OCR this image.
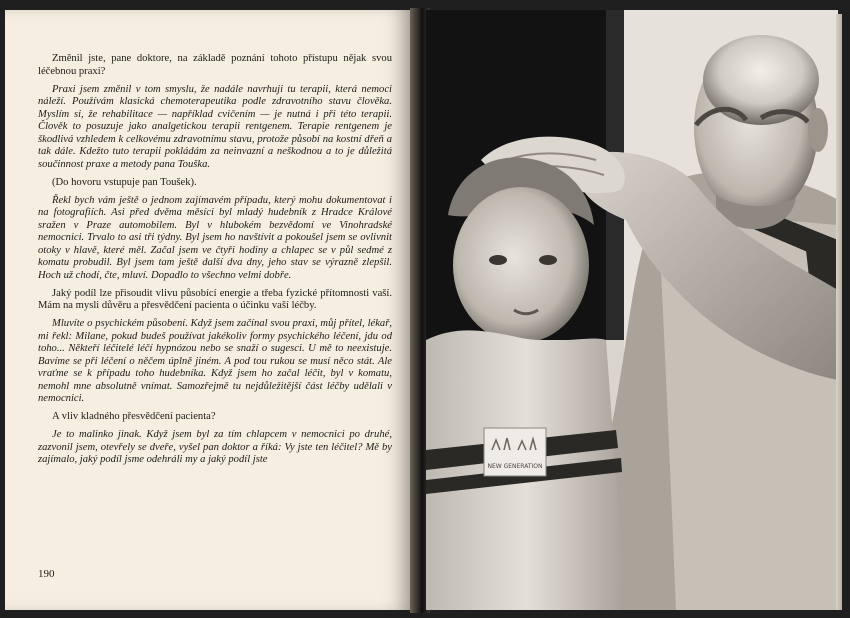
Změnil jste, pane doktore, na základě poznání tohoto přístupu nějak svou léčebnou praxi?

Praxi jsem změnil v tom smyslu, že nadále navrhuji tu terapii, která nemoci náleží. Používám klasická chemoterapeutika podle zdravotního stavu člověka. Myslím si, že rehabilitace — například cvičením — je nutná i při této terapii. Člověk to posuzuje jako analgetickou terapii rentgenem. Terapie rentgenem je škodlivá vzhledem k celkovému zdravotnímu stavu, protože působí na kostní dřeň a tak dále. Kdežto tuto terapii pokládám za neinvazní a neškodnou a to je důležitá součinnost praxe a metody pana Touška.

(Do hovoru vstupuje pan Toušek).

Řekl bych vám ještě o jednom zajímavém případu, který mohu dokumentovat i na fotografiích. Asi před dvěma měsíci byl mladý hudebník z Hradce Králové sražen v Praze automobilem. Byl v hlubokém bezvědomí ve Vinohradské nemocnici. Trvalo to asi tři týdny. Byl jsem ho navštívit a pokoušel jsem se ovlivnit otoky v hlavě, které měl. Začal jsem ve čtyři hodiny a chlapec se v půl sedmé z komatu probudil. Byl jsem tam ještě další dva dny, jeho stav se výrazně zlepšil. Hoch už chodí, čte, mluví. Dopadlo to všechno velmi dobře.

Jaký podíl lze přisoudit vlivu působící energie a třeba fyzické přítomnosti vaší. Mám na mysli důvěru a přesvědčení pacienta o účinku vaší léčby.

Mluvíte o psychickém působení. Když jsem začínal svou praxi, můj přítel, lékař, mi řekl: Milane, pokud budeš používat jakékoliv formy psychického léčení, jdu od toho... Někteří léčitelé léčí hypnózou nebo se snaží o sugesci. U mě to neexistuje. Bavíme se při léčení o něčem úplně jiném. A pod tou rukou se musí něco stát. Ale vraťme se k případu toho hudebníka. Když jsem ho začal léčit, byl v komatu, nemohl mne absolutně vnímat. Samozřejmě tu nejdůležitější část léčby udělali v nemocnici.

A vliv kladného přesvědčení pacienta?

Je to malinko jinak. Když jsem byl za tím chlapcem v nemocnici po druhé, zazvonil jsem, otevřely se dveře, vyšel pan doktor a říká: Vy jste ten léčitel? Mě by zajímalo, jaký podíl jsme odehráli my a jaký podíl jste

190
NEW GENERATION
